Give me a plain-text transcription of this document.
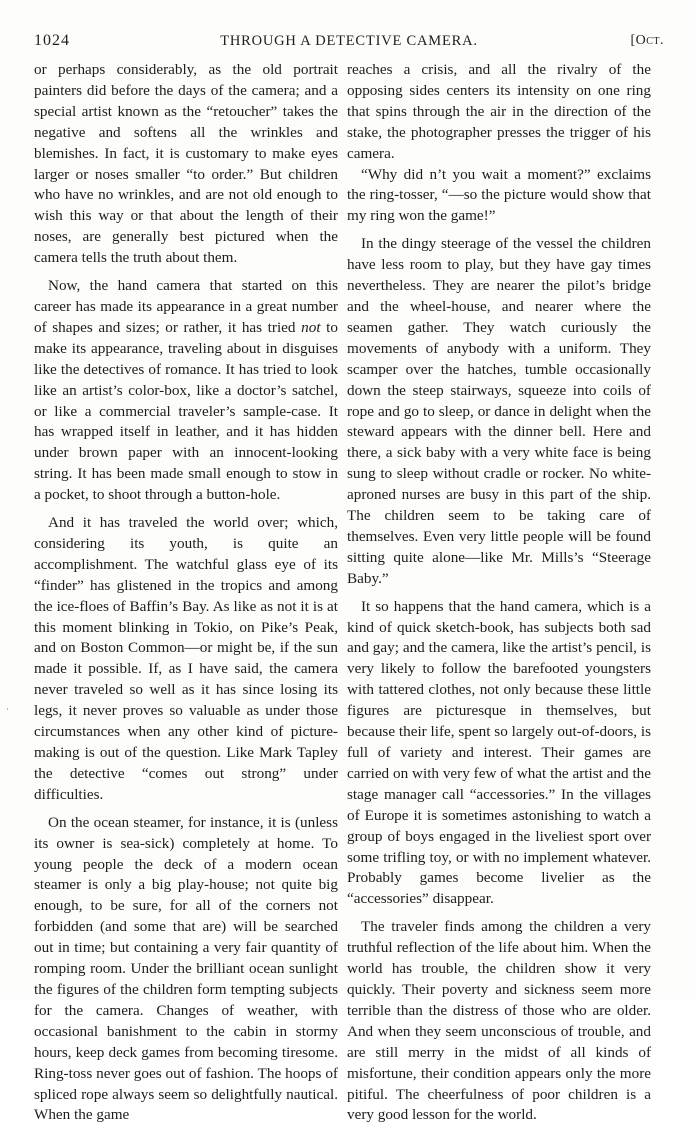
1024	THROUGH A DETECTIVE CAMERA.	[Oct.
‘

or perhaps considerably, as the old portrait painters did before the days of the camera; and a special artist known as the “retoucher” takes the negative and softens all the wrinkles and blemishes. In fact, it is customary to make eyes larger or noses smaller “to order.” But children who have no wrinkles, and are not old enough to wish this way or that about the length of their noses, are generally best pictured when the camera tells the truth about them.

Now, the hand camera that started on this career has made its appearance in a great number of shapes and sizes; or rather, it has tried not to make its appearance, traveling about in disguises like the detectives of romance. It has tried to look like an artist’s color-box, like a doctor’s satchel, or like a commercial traveler’s sample-case. It has wrapped itself in leather, and it has hidden under brown paper with an innocent-looking string. It has been made small enough to stow in a pocket, to shoot through a button-hole.

And it has traveled the world over; which, considering its youth, is quite an accomplishment. The watchful glass eye of its “finder” has glistened in the tropics and among the ice-floes of Baffin’s Bay. As like as not it is at this moment blinking in Tokio, on Pike’s Peak, and on Boston Common—or might be, if the sun made it possible. If, as I have said, the camera never traveled so well as it has since losing its legs, it never proves so valuable as under those circumstances when any other kind of picture-making is out of the question. Like Mark Tapley the detective “comes out strong” under difficulties.

On the ocean steamer, for instance, it is (unless its owner is sea-sick) completely at home. To young people the deck of a modern ocean steamer is only a big play-house; not quite big enough, to be sure, for all of the corners not forbidden (and some that are) will be searched out in time; but containing a very fair quantity of romping room. Under the brilliant ocean sunlight the figures of the children form tempting subjects for the camera. Changes of weather, with occasional banishment to the cabin in stormy hours, keep deck games from becoming tiresome. Ring-toss never goes out of fashion. The hoops of spliced rope always seem so delightfully nautical. When the game

reaches a crisis, and all the rivalry of the opposing sides centers its intensity on one ring that spins through the air in the direction of the stake, the photographer presses the trigger of his camera.

“Why did n’t you wait a moment?” exclaims the ring-tosser, “—so the picture would show that my ring won the game!”

In the dingy steerage of the vessel the children have less room to play, but they have gay times nevertheless. They are nearer the pilot’s bridge and the wheel-house, and nearer where the seamen gather. They watch curiously the movements of anybody with a uniform. They scamper over the hatches, tumble occasionally down the steep stairways, squeeze into coils of rope and go to sleep, or dance in delight when the steward appears with the dinner bell. Here and there, a sick baby with a very white face is being sung to sleep without cradle or rocker. No white-aproned nurses are busy in this part of the ship. The children seem to be taking care of themselves. Even very little people will be found sitting quite alone—like Mr. Mills’s “Steerage Baby.”

It so happens that the hand camera, which is a kind of quick sketch-book, has subjects both sad and gay; and the camera, like the artist’s pencil, is very likely to follow the barefooted youngsters with tattered clothes, not only because these little figures are picturesque in themselves, but because their life, spent so largely out-of-doors, is full of variety and interest. Their games are carried on with very few of what the artist and the stage manager call “accessories.” In the villages of Europe it is sometimes astonishing to watch a group of boys engaged in the liveliest sport over some trifling toy, or with no implement whatever. Probably games become livelier as the “accessories” disappear.

The traveler finds among the children a very truthful reflection of the life about him. When the world has trouble, the children show it very quickly. Their poverty and sickness seem more terrible than the distress of those who are older. And when they seem unconscious of trouble, and are still merry in the midst of all kinds of misfortune, their condition appears only the more pitiful. The cheerfulness of poor children is a very good lesson for the world.
